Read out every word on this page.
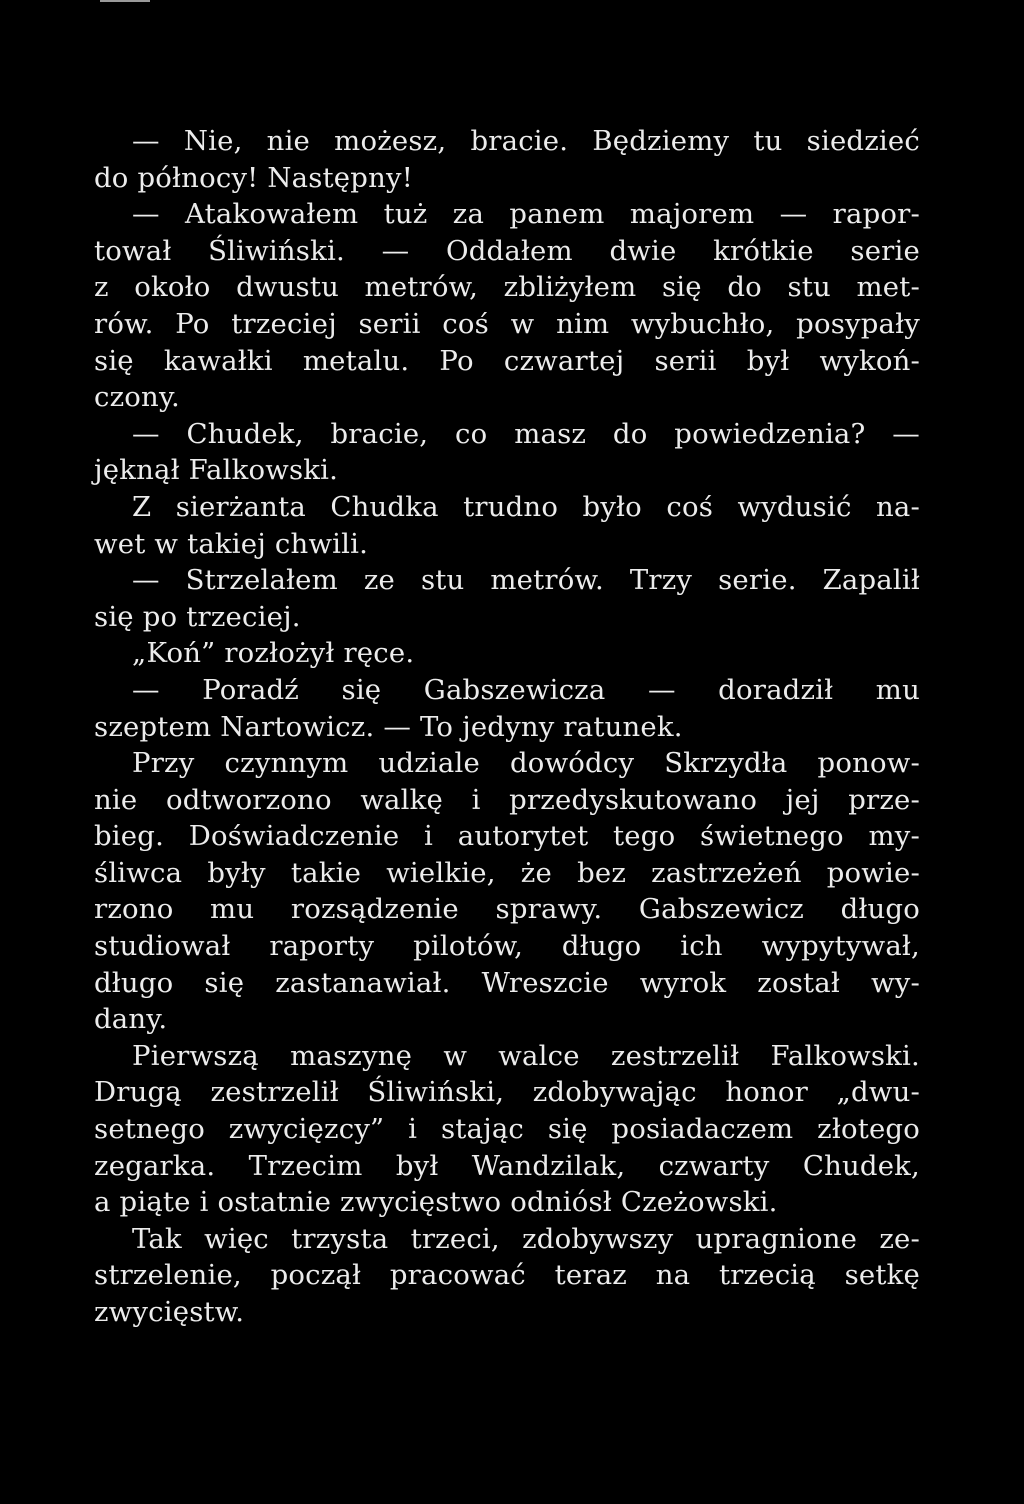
— Nie, nie możesz, bracie. Będziemy tu siedzieć
do północy! Następny!
— Atakowałem tuż za panem majorem — rapor-
tował Śliwiński. — Oddałem dwie krótkie serie
z około dwustu metrów, zbliżyłem się do stu met-
rów. Po trzeciej serii coś w nim wybuchło, posypały
się kawałki metalu. Po czwartej serii był wykoń-
czony.
— Chudek, bracie, co masz do powiedzenia? —
jęknął Falkowski.
Z sierżanta Chudka trudno było coś wydusić na-
wet w takiej chwili.
— Strzelałem ze stu metrów. Trzy serie. Zapalił
się po trzeciej.
„Koń” rozłożył ręce.
— Poradź się Gabszewicza — doradził mu
szeptem Nartowicz. — To jedyny ratunek.
Przy czynnym udziale dowódcy Skrzydła ponow-
nie odtworzono walkę i przedyskutowano jej prze-
bieg. Doświadczenie i autorytet tego świetnego my-
śliwca były takie wielkie, że bez zastrzeżeń powie-
rzono mu rozsądzenie sprawy. Gabszewicz długo
studiował raporty pilotów, długo ich wypytywał,
długo się zastanawiał. Wreszcie wyrok został wy-
dany.
Pierwszą maszynę w walce zestrzelił Falkowski.
Drugą zestrzelił Śliwiński, zdobywając honor „dwu-
setnego zwycięzcy” i stając się posiadaczem złotego
zegarka. Trzecim był Wandzilak, czwarty Chudek,
a piąte i ostatnie zwycięstwo odniósł Czeżowski.
Tak więc trzysta trzeci, zdobywszy upragnione ze-
strzelenie, począł pracować teraz na trzecią setkę
zwycięstw.
